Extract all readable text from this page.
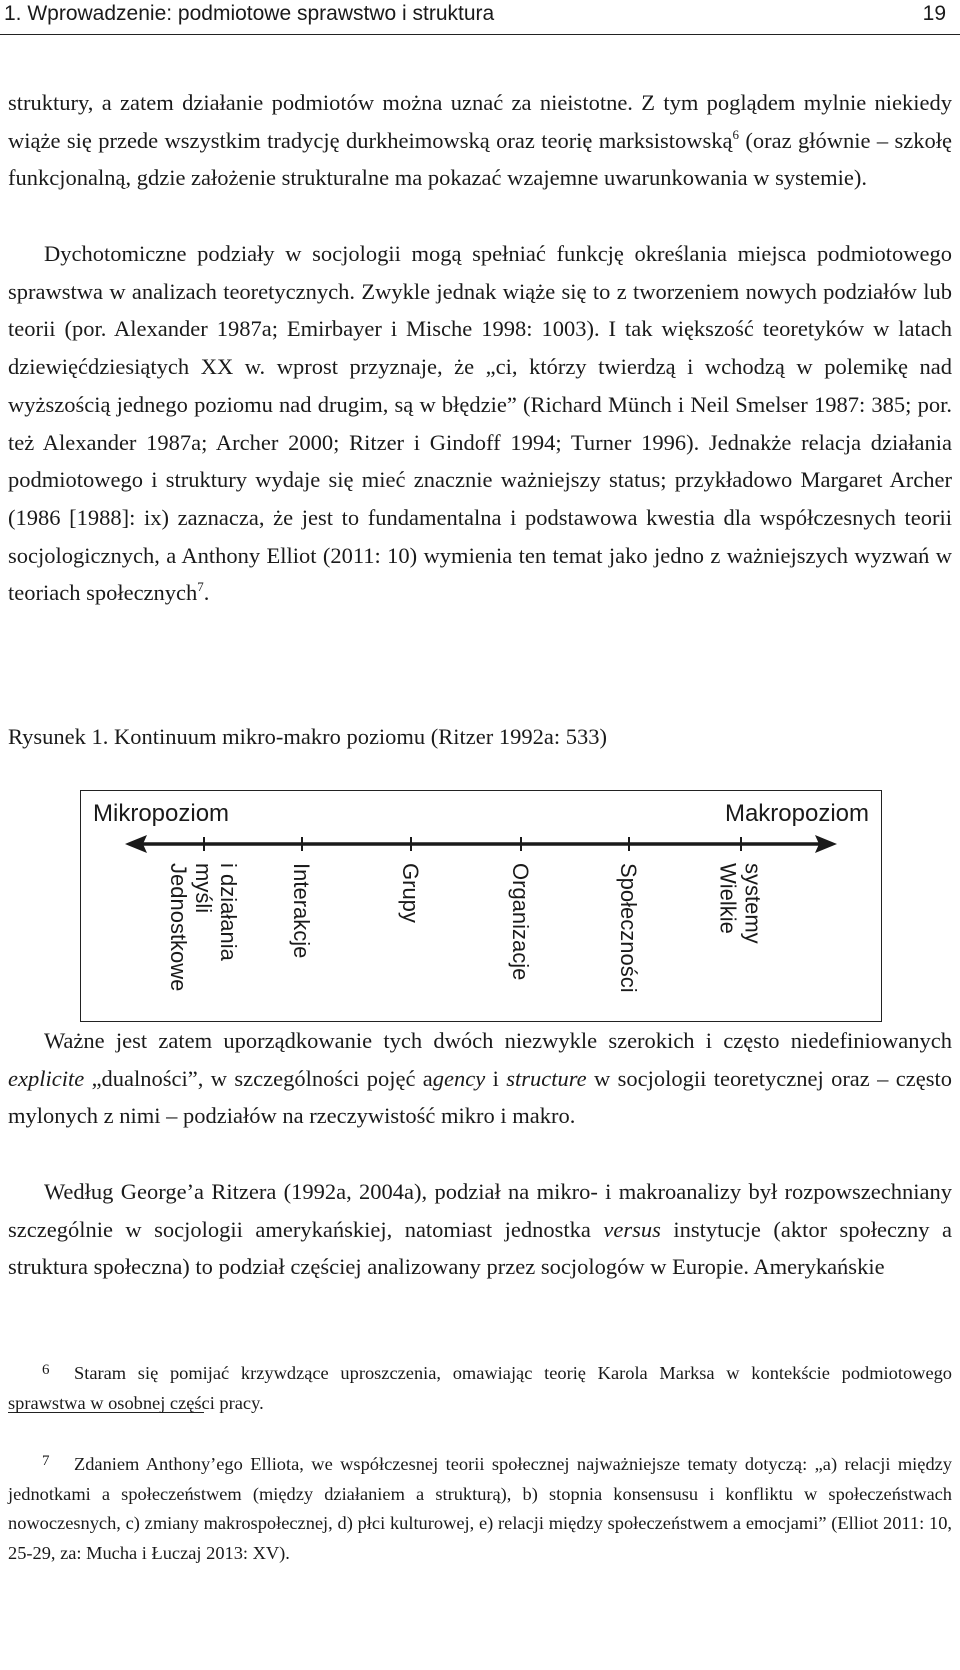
1. Wprowadzenie: podmiotowe sprawstwo i struktura	19
struktury, a zatem działanie podmiotów można uznać za nieistotne. Z tym poglądem mylnie niekiedy wiąże się przede wszystkim tradycję durkheimowską oraz teorię marksistowską$^6$ (oraz głównie – szkołę funkcjonalną, gdzie założenie strukturalne ma pokazać wzajemne uwarunkowania w systemie).
Dychotomiczne podziały w socjologii mogą spełniać funkcję określania miejsca podmiotowego sprawstwa w analizach teoretycznych. Zwykle jednak wiąże się to z tworzeniem nowych podziałów lub teorii (por. Alexander 1987a; Emirbayer i Mische 1998: 1003). I tak większość teoretyków w latach dziewięćdziesiątych XX w. wprost przyznaje, że „ci, którzy twierdzą i wchodzą w polemikę nad wyższością jednego poziomu nad drugim, są w błędzie” (Richard Münch i Neil Smelser 1987: 385; por. też Alexander 1987a; Archer 2000; Ritzer i Gindoff 1994; Turner 1996). Jednakże relacja działania podmiotowego i struktury wydaje się mieć znacznie ważniejszy status; przykładowo Margaret Archer (1986 [1988]: ix) zaznacza, że jest to fundamentalna i podstawowa kwestia dla współczesnych teorii socjologicznych, a Anthony Elliot (2011: 10) wymienia ten temat jako jedno z ważniejszych wyzwań w teoriach społecznych$^7$.
Rysunek 1. Kontinuum mikro-makro poziomu (Ritzer 1992a: 533)
Mikropoziom	Makropoziom
Jednostkowe myśli i działania Interakcje	Grupy	Organizacje	Społeczności	Wielkie systemy
Ważne jest zatem uporządkowanie tych dwóch niezwykle szerokich i często niedefiniowanych explicite „dualności”, w szczególności pojęć agency i structure w socjologii teoretycznej oraz – często mylonych z nimi – podziałów na rzeczywistość mikro i makro.
Według George’a Ritzera (1992a, 2004a), podział na mikro- i makroanalizy był rozpowszechniany szczególnie w socjologii amerykańskiej, natomiast jednostka versus instytucje (aktor społeczny a struktura społeczna) to podział częściej analizowany przez socjologów w Europie. Amerykańskie
6 Staram się pomijać krzywdzące uproszczenia, omawiając teorię Karola Marksa w kontekście podmiotowego sprawstwa w osobnej części pracy.
7 Zdaniem Anthony’ego Elliota, we współczesnej teorii społecznej najważniejsze tematy dotyczą: „a) relacji między jednotkami a społeczeństwem (między działaniem a strukturą), b) stopnia konsensusu i konfliktu w społeczeństwach nowoczesnych, c) zmiany makrospołecznej, d) płci kulturowej, e) relacji między społeczeństwem a emocjami” (Elliot 2011: 10, 25-29, za: Mucha i Łuczaj 2013: XV).
